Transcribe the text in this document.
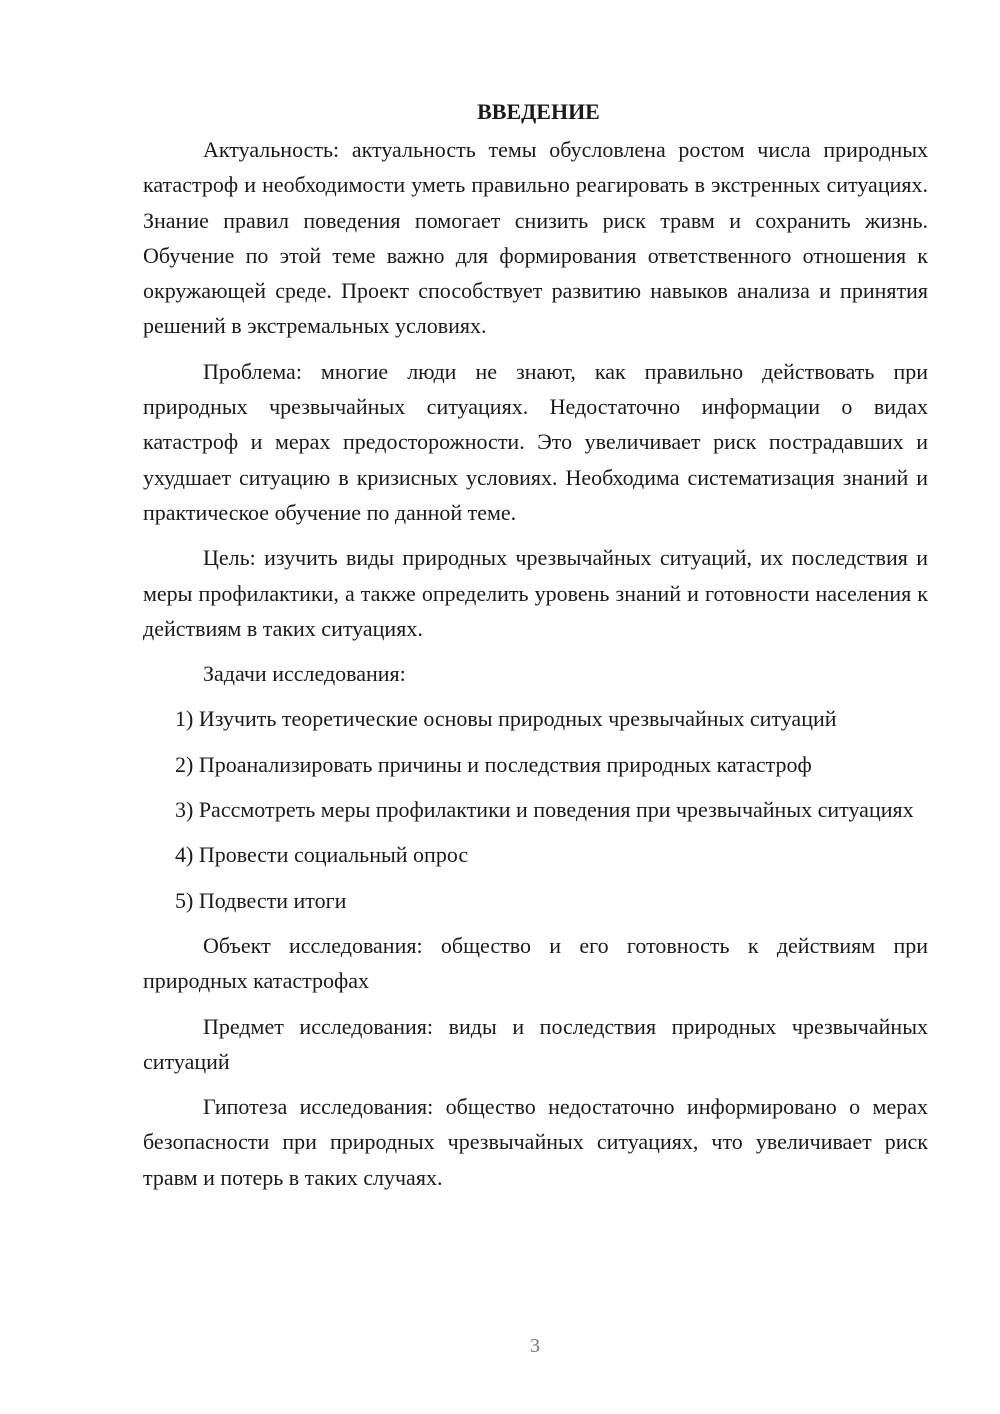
ВВЕДЕНИЕ

Актуальность: актуальность темы обусловлена ростом числа природных катастроф и необходимости уметь правильно реагировать в экстренных ситуациях. Знание правил поведения помогает снизить риск травм и сохранить жизнь. Обучение по этой теме важно для формирования ответственного отношения к окружающей среде. Проект способствует развитию навыков анализа и принятия решений в экстремальных условиях.

Проблема: многие люди не знают, как правильно действовать при природных чрезвычайных ситуациях. Недостаточно информации о видах катастроф и мерах предосторожности. Это увеличивает риск пострадавших и ухудшает ситуацию в кризисных условиях. Необходима систематизация знаний и практическое обучение по данной теме.

Цель: изучить виды природных чрезвычайных ситуаций, их последствия и меры профилактики, а также определить уровень знаний и готовности населения к действиям в таких ситуациях.

Задачи исследования:

1) Изучить теоретические основы природных чрезвычайных ситуаций

2) Проанализировать причины и последствия природных катастроф

3) Рассмотреть меры профилактики и поведения при чрезвычайных ситуациях

4) Провести социальный опрос

5) Подвести итоги

Объект исследования: общество и его готовность к действиям при природных катастрофах

Предмет исследования: виды и последствия природных чрезвычайных ситуаций

Гипотеза исследования: общество недостаточно информировано о мерах безопасности при природных чрезвычайных ситуациях, что увеличивает риск травм и потерь в таких случаях.

3
